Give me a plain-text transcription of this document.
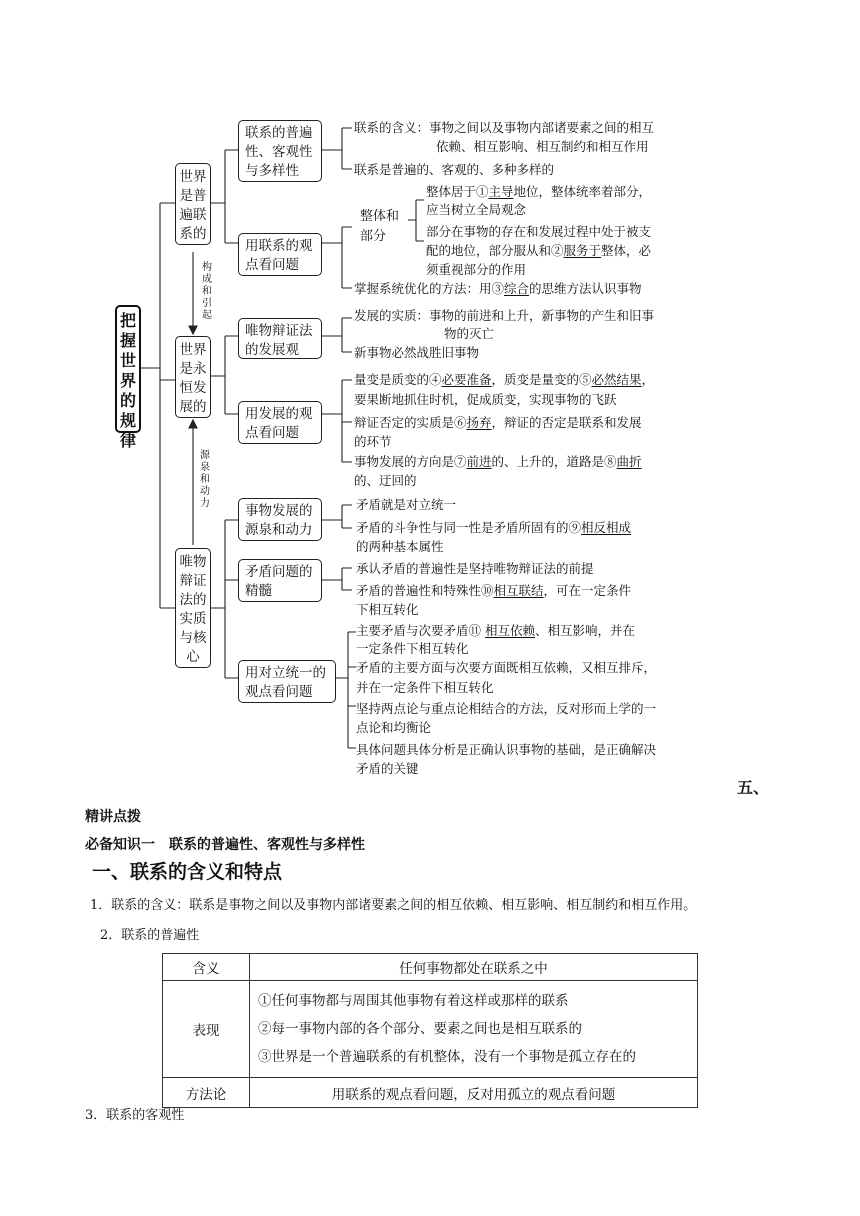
把握世界的规律
世界是普遍联系的
构成和引起
世界是永恒发展的
源泉和动力
唯物辩证法的实质与核心
联系的普遍性、客观性与多样性
用联系的观点看问题
整体和部分
唯物辩证法的发展观
用发展的观点看问题
事物发展的源泉和动力
矛盾问题的精髓
用对立统一的观点看问题
联系的含义：事物之间以及事物内部诸要素之间的相互
依赖、相互影响、相互制约和相互作用
联系是普遍的、客观的、多种多样的
整体居于①主导地位，整体统率着部分，
应当树立全局观念
部分在事物的存在和发展过程中处于被支
配的地位，部分服从和②服务于整体，必
须重视部分的作用
掌握系统优化的方法：用③综合的思维方法认识事物
发展的实质：事物的前进和上升，新事物的产生和旧事
物的灭亡
新事物必然战胜旧事物
量变是质变的④必要准备，质变是量变的⑤必然结果，
要果断地抓住时机，促成质变，实现事物的飞跃
辩证否定的实质是⑥扬弃，辩证的否定是联系和发展
的环节
事物发展的方向是⑦前进的、上升的，道路是⑧曲折
的、迂回的
矛盾就是对立统一
矛盾的斗争性与同一性是矛盾所固有的⑨相反相成
的两种基本属性
承认矛盾的普遍性是坚持唯物辩证法的前提
矛盾的普遍性和特殊性⑩相互联结，可在一定条件
下相互转化
主要矛盾与次要矛盾⑪ 相互依赖、相互影响，并在
一定条件下相互转化
矛盾的主要方面与次要方面既相互依赖，又相互排斥，
并在一定条件下相互转化
坚持两点论与重点论相结合的方法，反对形而上学的一
点论和均衡论
具体问题具体分析是正确认识事物的基础，是正确解决
矛盾的关键
五、
精讲点拨
必备知识一　联系的普遍性、客观性与多样性
一、联系的含义和特点
1．联系的含义：联系是事物之间以及事物内部诸要素之间的相互依赖、相互影响、相互制约和相互作用。
2．联系的普遍性
含义	任何事物都处在联系之中
表现	①任何事物都与周围其他事物有着这样或那样的联系
②每一事物内部的各个部分、要素之间也是相互联系的
③世界是一个普遍联系的有机整体，没有一个事物是孤立存在的

方法论	用联系的观点看问题，反对用孤立的观点看问题
3．联系的客观性
